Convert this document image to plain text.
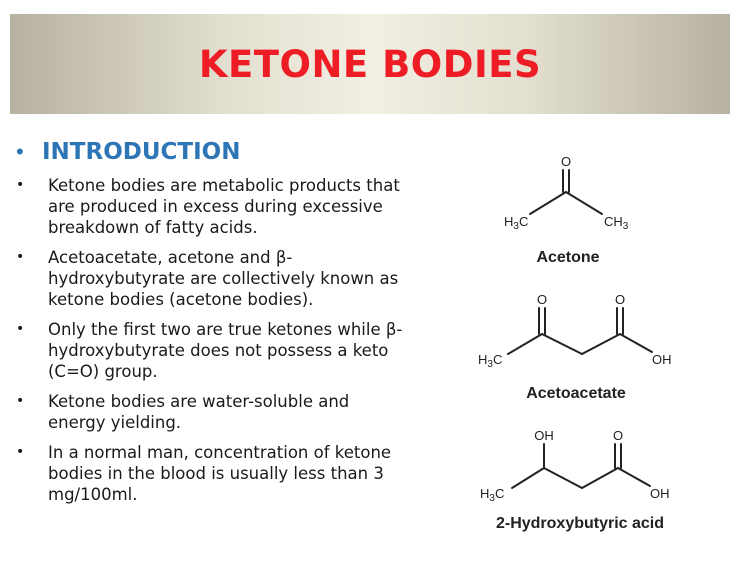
KETONE BODIES
• INTRODUCTION
•	Ketone bodies are metabolic products that are produced in excess during excessive breakdown of fatty acids.
•	Acetoacetate, acetone and β-hydroxybutyrate are collectively known as ketone bodies (acetone bodies).
•	Only the first two are true ketones while β-hydroxybutyrate does not possess a keto (C=O) group.
•	Ketone bodies are water-soluble and energy yielding.
•	In a normal man, concentration of ketone bodies in the blood is usually less than 3 mg/100ml.
O
$H_3C$	$CH_3$
Acetone
O	O
$H_3C$	OH
Acetoacetate
OH	O
$H_3C$	OH
2-Hydroxybutyric acid
